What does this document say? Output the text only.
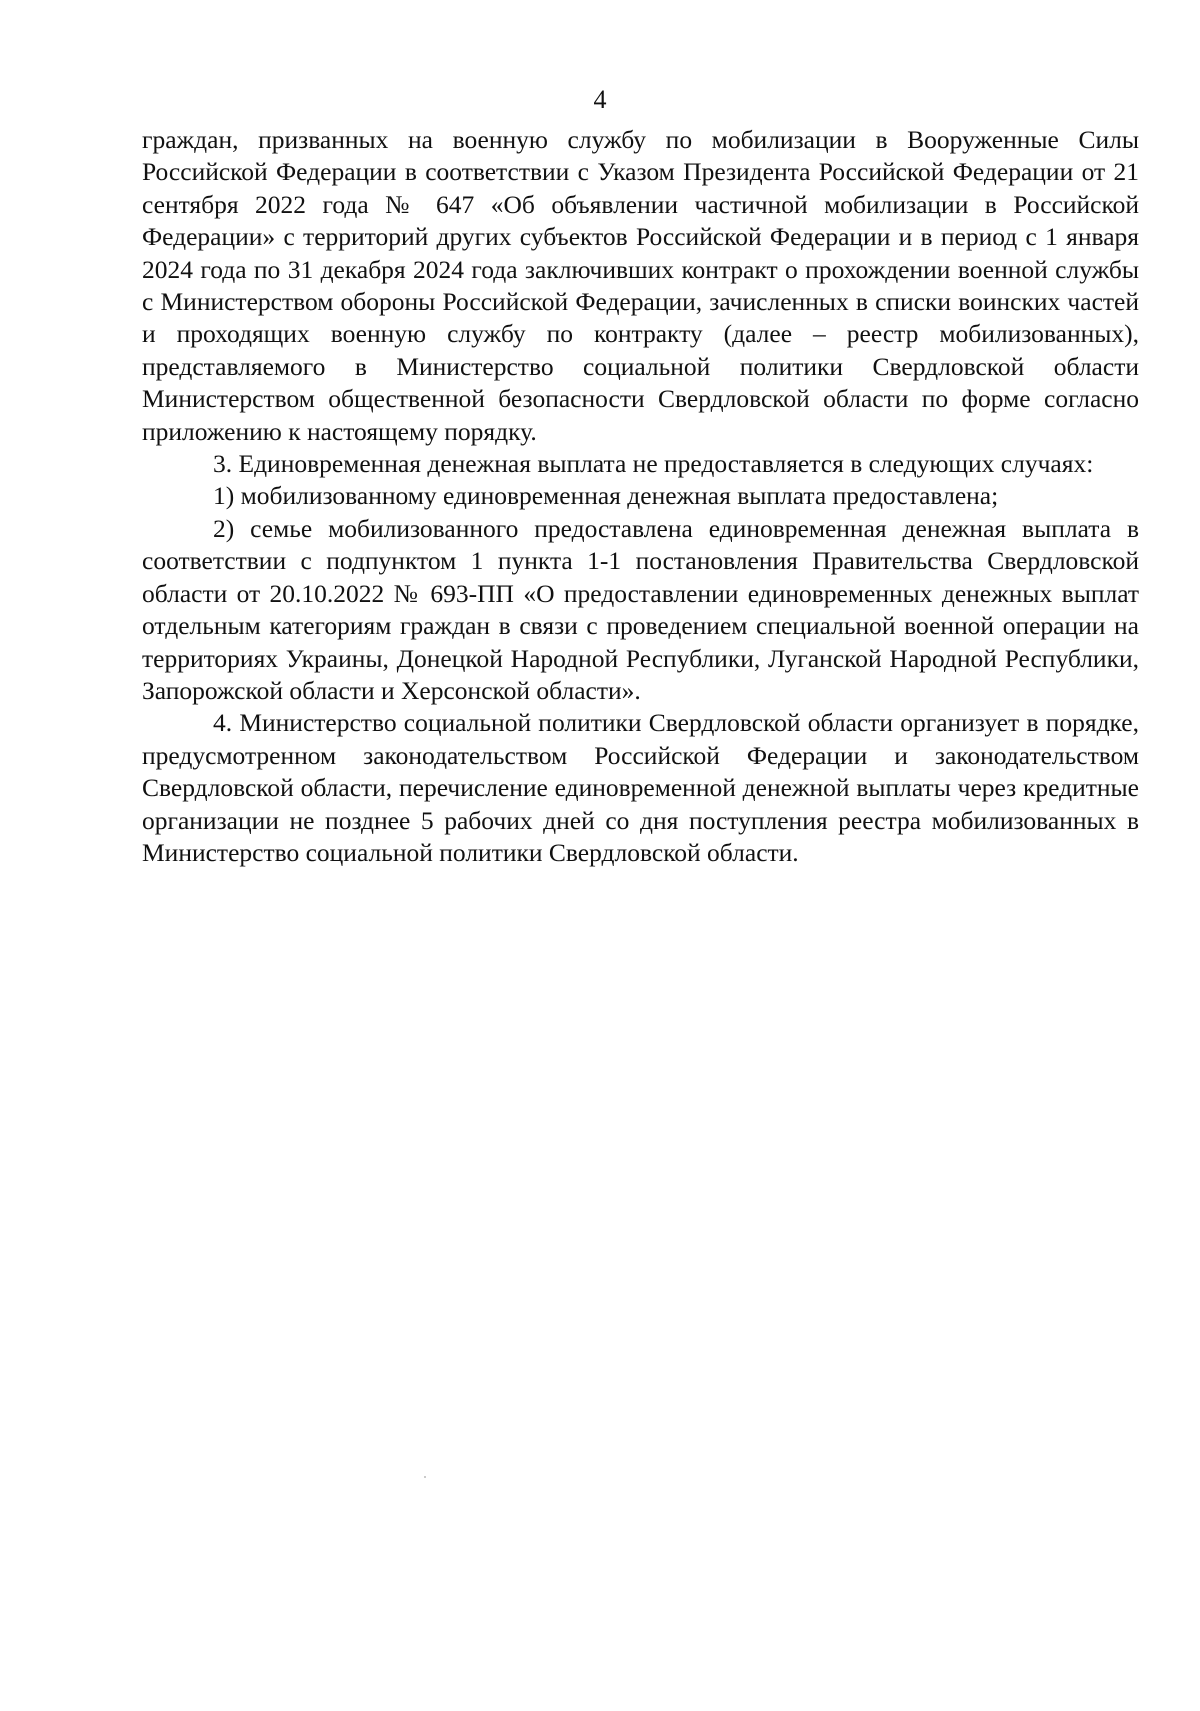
4

граждан, призванных на военную службу по мобилизации в Вооруженные Силы Российской Федерации в соответствии с Указом Президента Российской Федерации от 21 сентября 2022 года № 647 «Об объявлении частичной мобилизации в Российской Федерации» с территорий других субъектов Российской Федерации и в период с 1 января 2024 года по 31 декабря 2024 года заключивших контракт о прохождении военной службы с Министерством обороны Российской Федерации, зачисленных в списки воинских частей и проходящих военную службу по контракту (далее – реестр мобилизованных), представляемого в Министерство социальной политики Свердловской области Министерством общественной безопасности Свердловской области по форме согласно приложению к настоящему порядку.

3. Единовременная денежная выплата не предоставляется в следующих случаях:

1) мобилизованному единовременная денежная выплата предоставлена;

2) семье мобилизованного предоставлена единовременная денежная выплата в соответствии с подпунктом 1 пункта 1-1 постановления Правительства Свердловской области от 20.10.2022 № 693-ПП «О предоставлении единовременных денежных выплат отдельным категориям граждан в связи с проведением специальной военной операции на территориях Украины, Донецкой Народной Республики, Луганской Народной Республики, Запорожской области и Херсонской области».

4. Министерство социальной политики Свердловской области организует в порядке, предусмотренном законодательством Российской Федерации и законодательством Свердловской области, перечисление единовременной денежной выплаты через кредитные организации не позднее 5 рабочих дней со дня поступления реестра мобилизованных в Министерство социальной политики Свердловской области.
